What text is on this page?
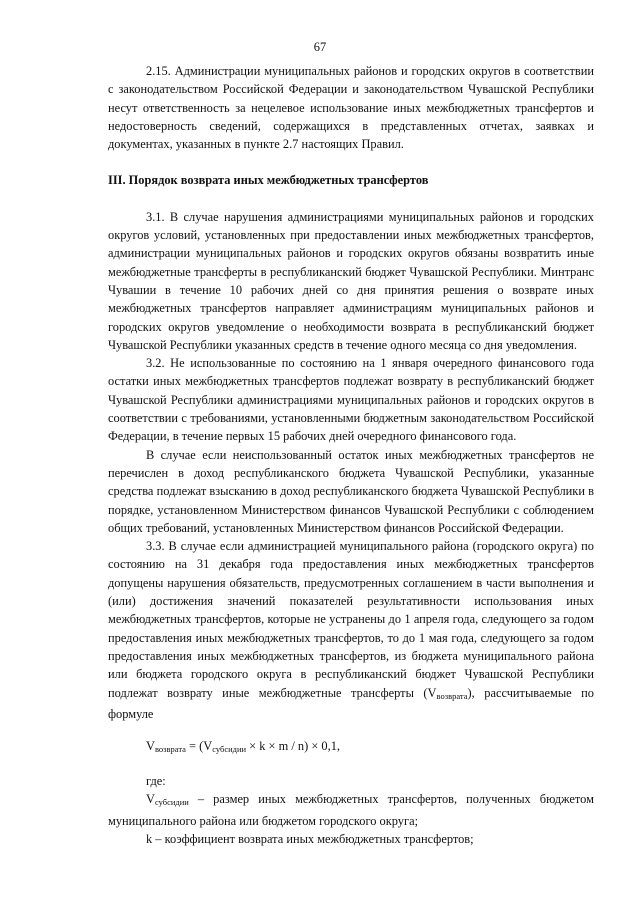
67

2.15. Администрации муниципальных районов и городских округов в соответствии с законодательством Российской Федерации и законодательством Чувашской Республики несут ответственность за нецелевое использование иных межбюджетных трансфертов и недостоверность сведений, содержащихся в представленных отчетах, заявках и документах, указанных в пункте 2.7 настоящих Правил.

III. Порядок возврата иных межбюджетных трансфертов

3.1. В случае нарушения администрациями муниципальных районов и городских округов условий, установленных при предоставлении иных межбюджетных трансфертов, администрации муниципальных районов и городских округов обязаны возвратить иные межбюджетные трансферты в республиканский бюджет Чувашской Республики. Минтранс Чувашии в течение 10 рабочих дней со дня принятия решения о возврате иных межбюджетных трансфертов направляет администрациям муниципальных районов и городских округов уведомление о необходимости возврата в республиканский бюджет Чувашской Республики указанных средств в течение одного месяца со дня уведомления.

3.2. Не использованные по состоянию на 1 января очередного финансового года остатки иных межбюджетных трансфертов подлежат возврату в республиканский бюджет Чувашской Республики администрациями муниципальных районов и городских округов в соответствии с требованиями, установленными бюджетным законодательством Российской Федерации, в течение первых 15 рабочих дней очередного финансового года.

В случае если неиспользованный остаток иных межбюджетных трансфертов не перечислен в доход республиканского бюджета Чувашской Республики, указанные средства подлежат взысканию в доход республиканского бюджета Чувашской Республики в порядке, установленном Министерством финансов Чувашской Республики с соблюдением общих требований, установленных Министерством финансов Российской Федерации.

3.3. В случае если администрацией муниципального района (городского округа) по состоянию на 31 декабря года предоставления иных межбюджетных трансфертов допущены нарушения обязательств, предусмотренных соглашением в части выполнения и (или) достижения значений показателей результативности использования иных межбюджетных трансфертов, которые не устранены до 1 апреля года, следующего за годом предоставления иных межбюджетных трансфертов, то до 1 мая года, следующего за годом предоставления иных межбюджетных трансфертов, из бюджета муниципального района или бюджета городского округа в республиканский бюджет Чувашской Республики подлежат возврату иные межбюджетные трансферты $(V_{возврата})$, рассчитываемые по формуле

$V_{возврата} = (V_{субсидии} \times k \times m / n) \times 0,1$,

где:

$V_{субсидии}$ – размер иных межбюджетных трансфертов, полученных бюджетом муниципального района или бюджетом городского округа;

k – коэффициент возврата иных межбюджетных трансфертов;
